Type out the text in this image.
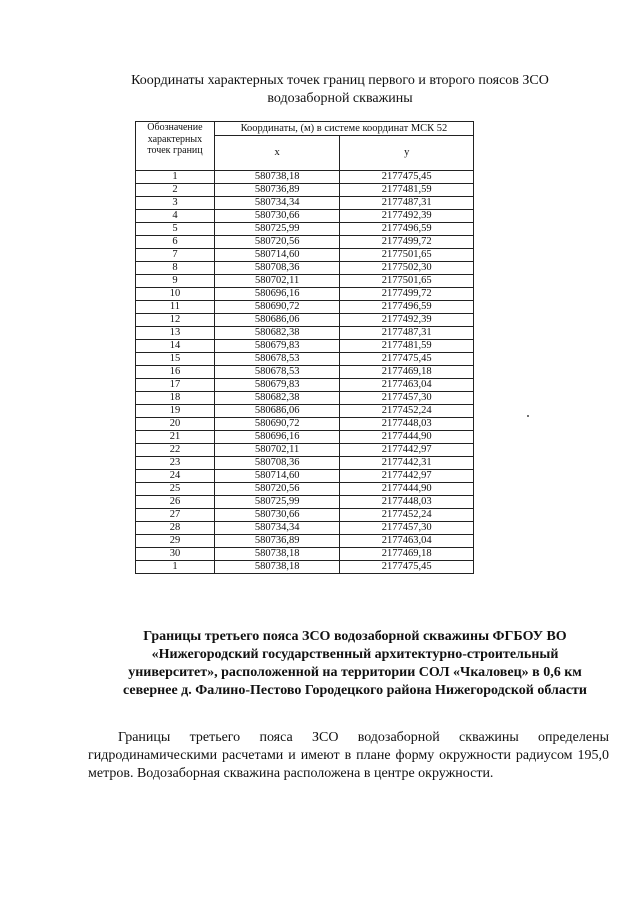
Координаты характерных точек границ первого и второго поясов ЗСО
водозаборной скважины
Обозначение характерных точек границ	Координаты, (м) в системе координат МСК 52	
	x	y
1	580738,18	2177475,45
2	580736,89	2177481,59
3	580734,34	2177487,31
4	580730,66	2177492,39
5	580725,99	2177496,59
6	580720,56	2177499,72
7	580714,60	2177501,65
8	580708,36	2177502,30
9	580702,11	2177501,65
10	580696,16	2177499,72
11	580690,72	2177496,59
12	580686,06	2177492,39
13	580682,38	2177487,31
14	580679,83	2177481,59
15	580678,53	2177475,45
16	580678,53	2177469,18
17	580679,83	2177463,04
18	580682,38	2177457,30
19	580686,06	2177452,24
20	580690,72	2177448,03
21	580696,16	2177444,90
22	580702,11	2177442,97
23	580708,36	2177442,31
24	580714,60	2177442,97
25	580720,56	2177444,90
26	580725,99	2177448,03
27	580730,66	2177452,24
28	580734,34	2177457,30
29	580736,89	2177463,04
30	580738,18	2177469,18
1	580738,18	2177475,45
Границы третьего пояса ЗСО водозаборной скважины ФГБОУ ВО
«Нижегородский государственный архитектурно-строительный
университет», расположенной на территории СОЛ «Чкаловец» в 0,6 км
севернее д. Фалино-Пестово Городецкого района Нижегородской области

Границы третьего пояса ЗСО водозаборной скважины определены гидродинамическими расчетами и имеют в плане форму окружности радиусом 195,0 метров. Водозаборная скважина расположена в центре окружности.
